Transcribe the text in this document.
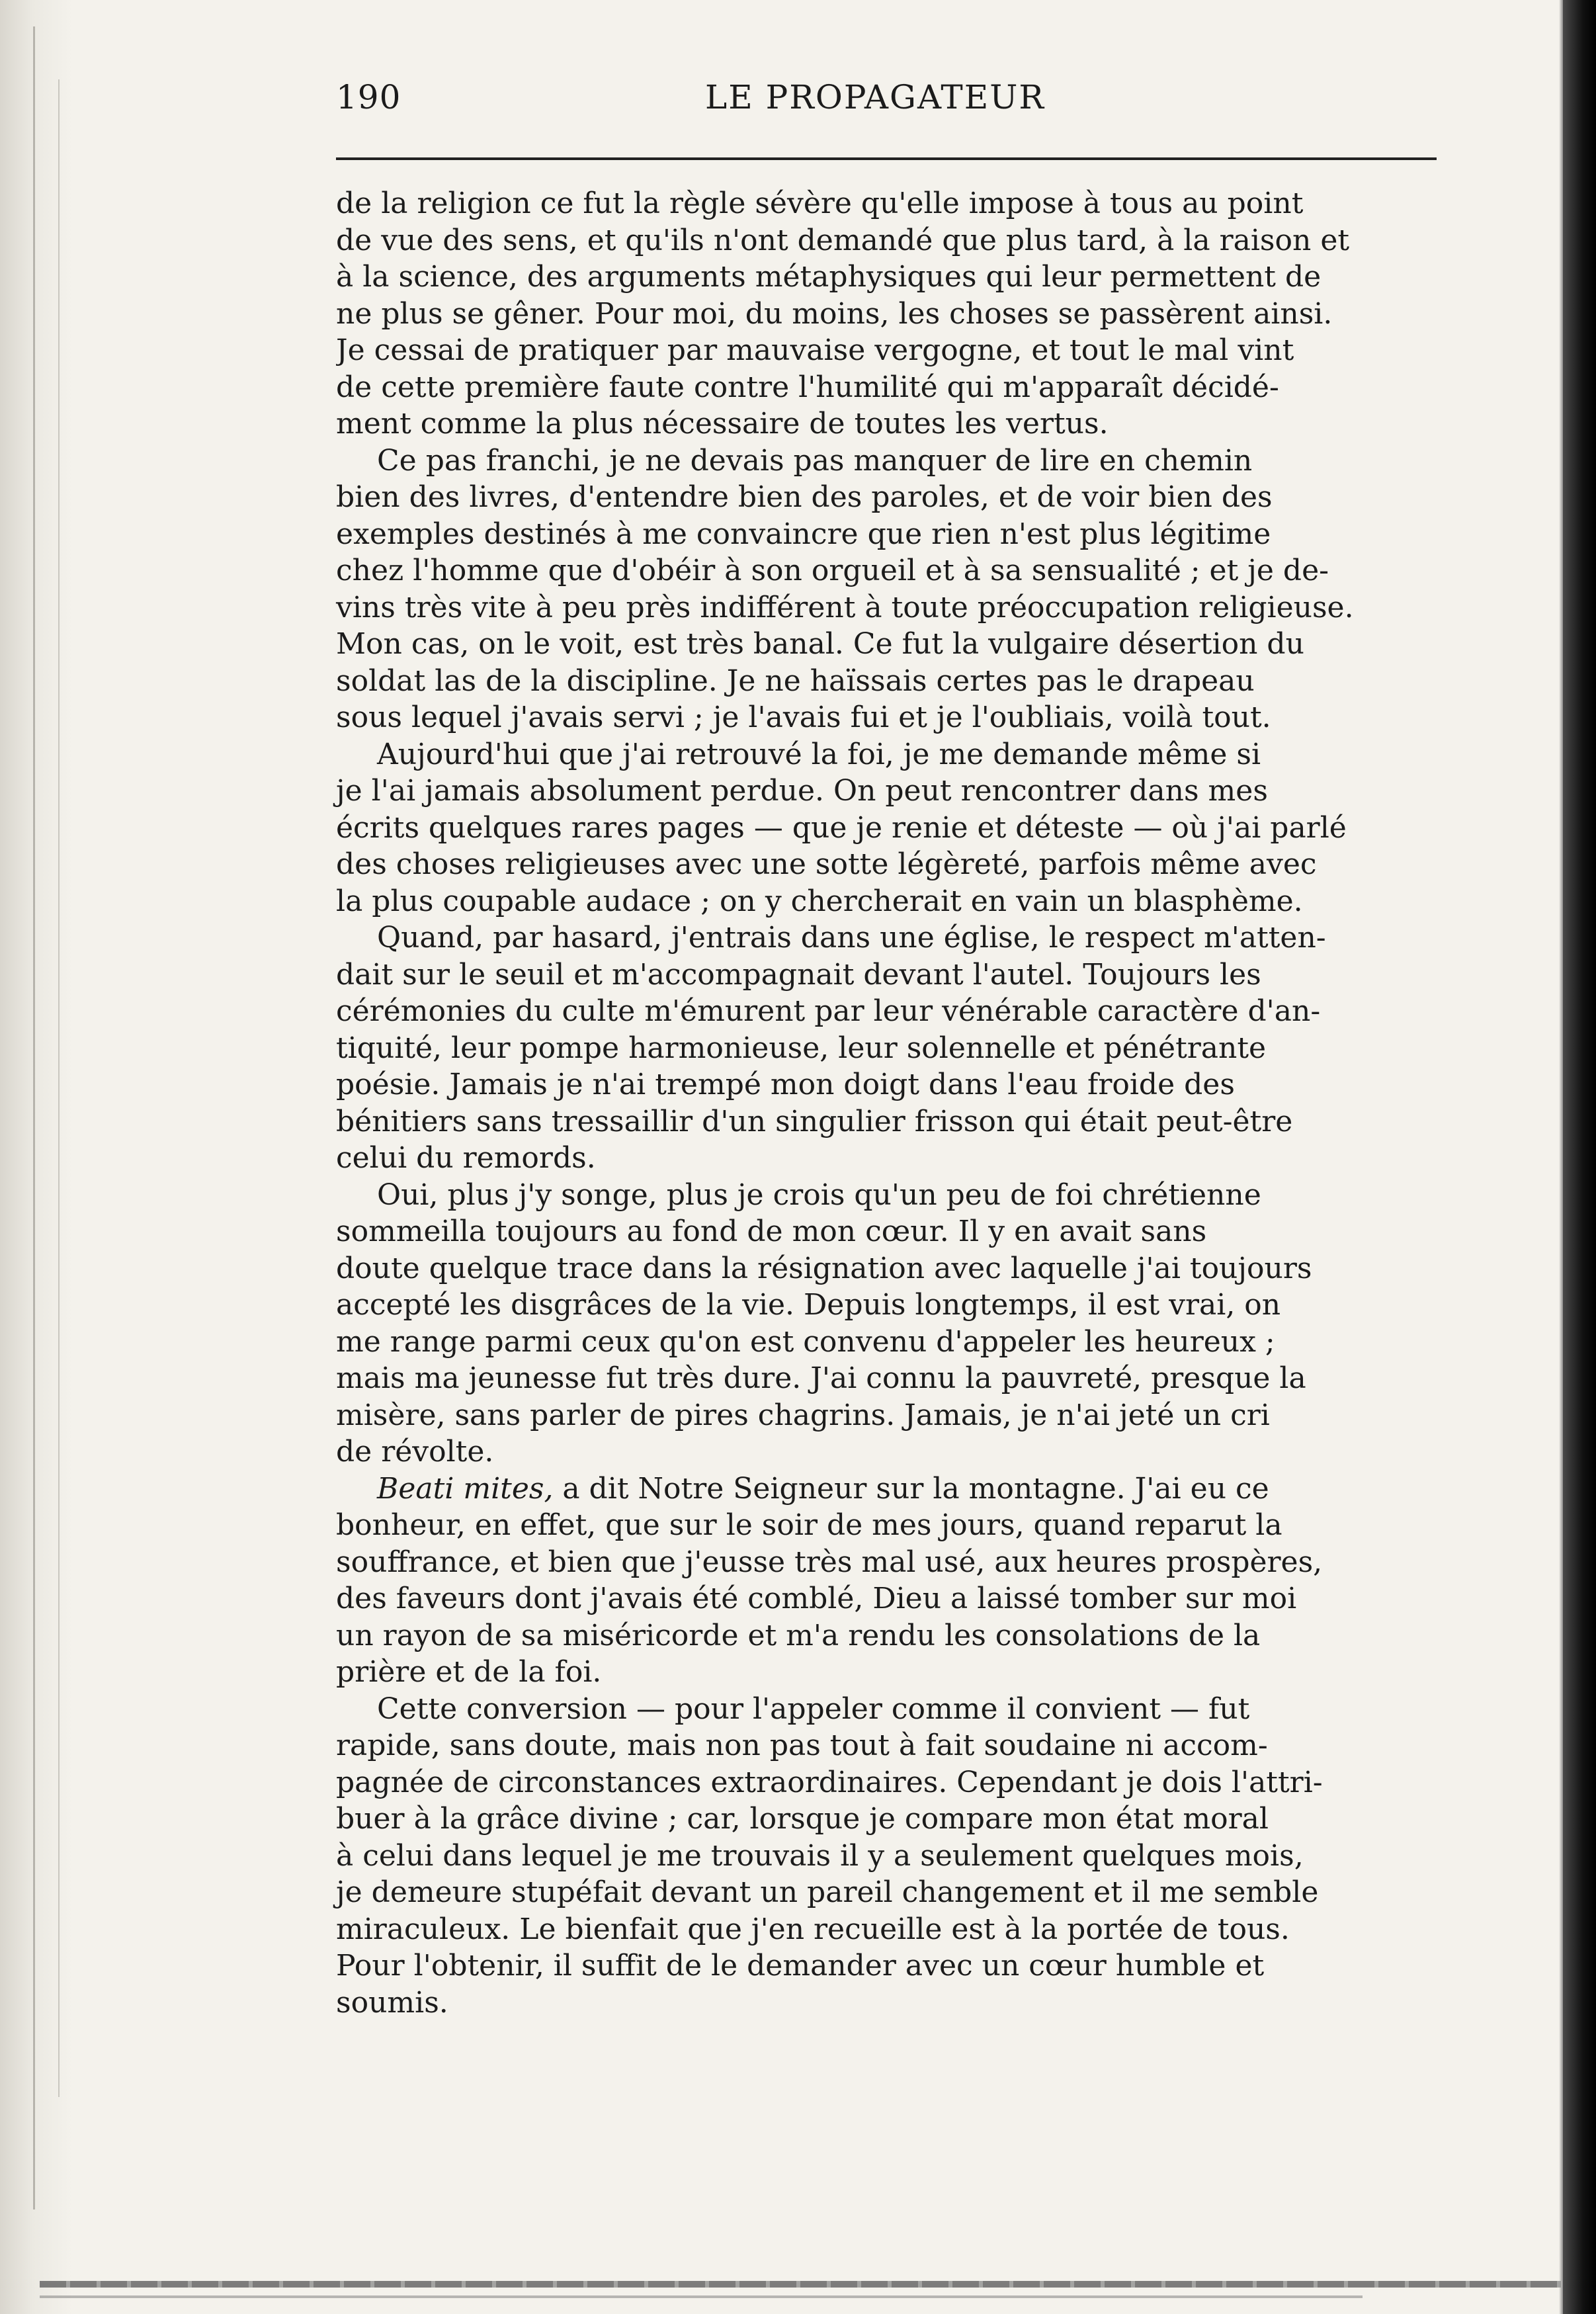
190	LE PROPAGATEUR

de la religion ce fut la règle sévère qu'elle impose à tous au point
de vue des sens, et qu'ils n'ont demandé que plus tard, à la raison et
à la science, des arguments métaphysiques qui leur permettent de
ne plus se gêner. Pour moi, du moins, les choses se passèrent ainsi.
Je cessai de pratiquer par mauvaise vergogne, et tout le mal vint
de cette première faute contre l'humilité qui m'apparaît décidé-
ment comme la plus nécessaire de toutes les vertus.

Ce pas franchi, je ne devais pas manquer de lire en chemin
bien des livres, d'entendre bien des paroles, et de voir bien des
exemples destinés à me convaincre que rien n'est plus légitime
chez l'homme que d'obéir à son orgueil et à sa sensualité ; et je de-
vins très vite à peu près indifférent à toute préoccupation religieuse.
Mon cas, on le voit, est très banal. Ce fut la vulgaire désertion du
soldat las de la discipline. Je ne haïssais certes pas le drapeau
sous lequel j'avais servi ; je l'avais fui et je l'oubliais, voilà tout.

Aujourd'hui que j'ai retrouvé la foi, je me demande même si
je l'ai jamais absolument perdue. On peut rencontrer dans mes
écrits quelques rares pages — que je renie et déteste — où j'ai parlé
des choses religieuses avec une sotte légèreté, parfois même avec
la plus coupable audace ; on y chercherait en vain un blasphème.

Quand, par hasard, j'entrais dans une église, le respect m'atten-
dait sur le seuil et m'accompagnait devant l'autel. Toujours les
cérémonies du culte m'émurent par leur vénérable caractère d'an-
tiquité, leur pompe harmonieuse, leur solennelle et pénétrante
poésie. Jamais je n'ai trempé mon doigt dans l'eau froide des
bénitiers sans tressaillir d'un singulier frisson qui était peut-être
celui du remords.

Oui, plus j'y songe, plus je crois qu'un peu de foi chrétienne
sommeilla toujours au fond de mon cœur. Il y en avait sans
doute quelque trace dans la résignation avec laquelle j'ai toujours
accepté les disgrâces de la vie. Depuis longtemps, il est vrai, on
me range parmi ceux qu'on est convenu d'appeler les heureux ;
mais ma jeunesse fut très dure. J'ai connu la pauvreté, presque la
misère, sans parler de pires chagrins. Jamais, je n'ai jeté un cri
de révolte.

Beati mites, a dit Notre Seigneur sur la montagne. J'ai eu ce
bonheur, en effet, que sur le soir de mes jours, quand reparut la
souffrance, et bien que j'eusse très mal usé, aux heures prospères,
des faveurs dont j'avais été comblé, Dieu a laissé tomber sur moi
un rayon de sa miséricorde et m'a rendu les consolations de la
prière et de la foi.

Cette conversion — pour l'appeler comme il convient — fut
rapide, sans doute, mais non pas tout à fait soudaine ni accom-
pagnée de circonstances extraordinaires. Cependant je dois l'attri-
buer à la grâce divine ; car, lorsque je compare mon état moral
à celui dans lequel je me trouvais il y a seulement quelques mois,
je demeure stupéfait devant un pareil changement et il me semble
miraculeux. Le bienfait que j'en recueille est à la portée de tous.
Pour l'obtenir, il suffit de le demander avec un cœur humble et
soumis.
